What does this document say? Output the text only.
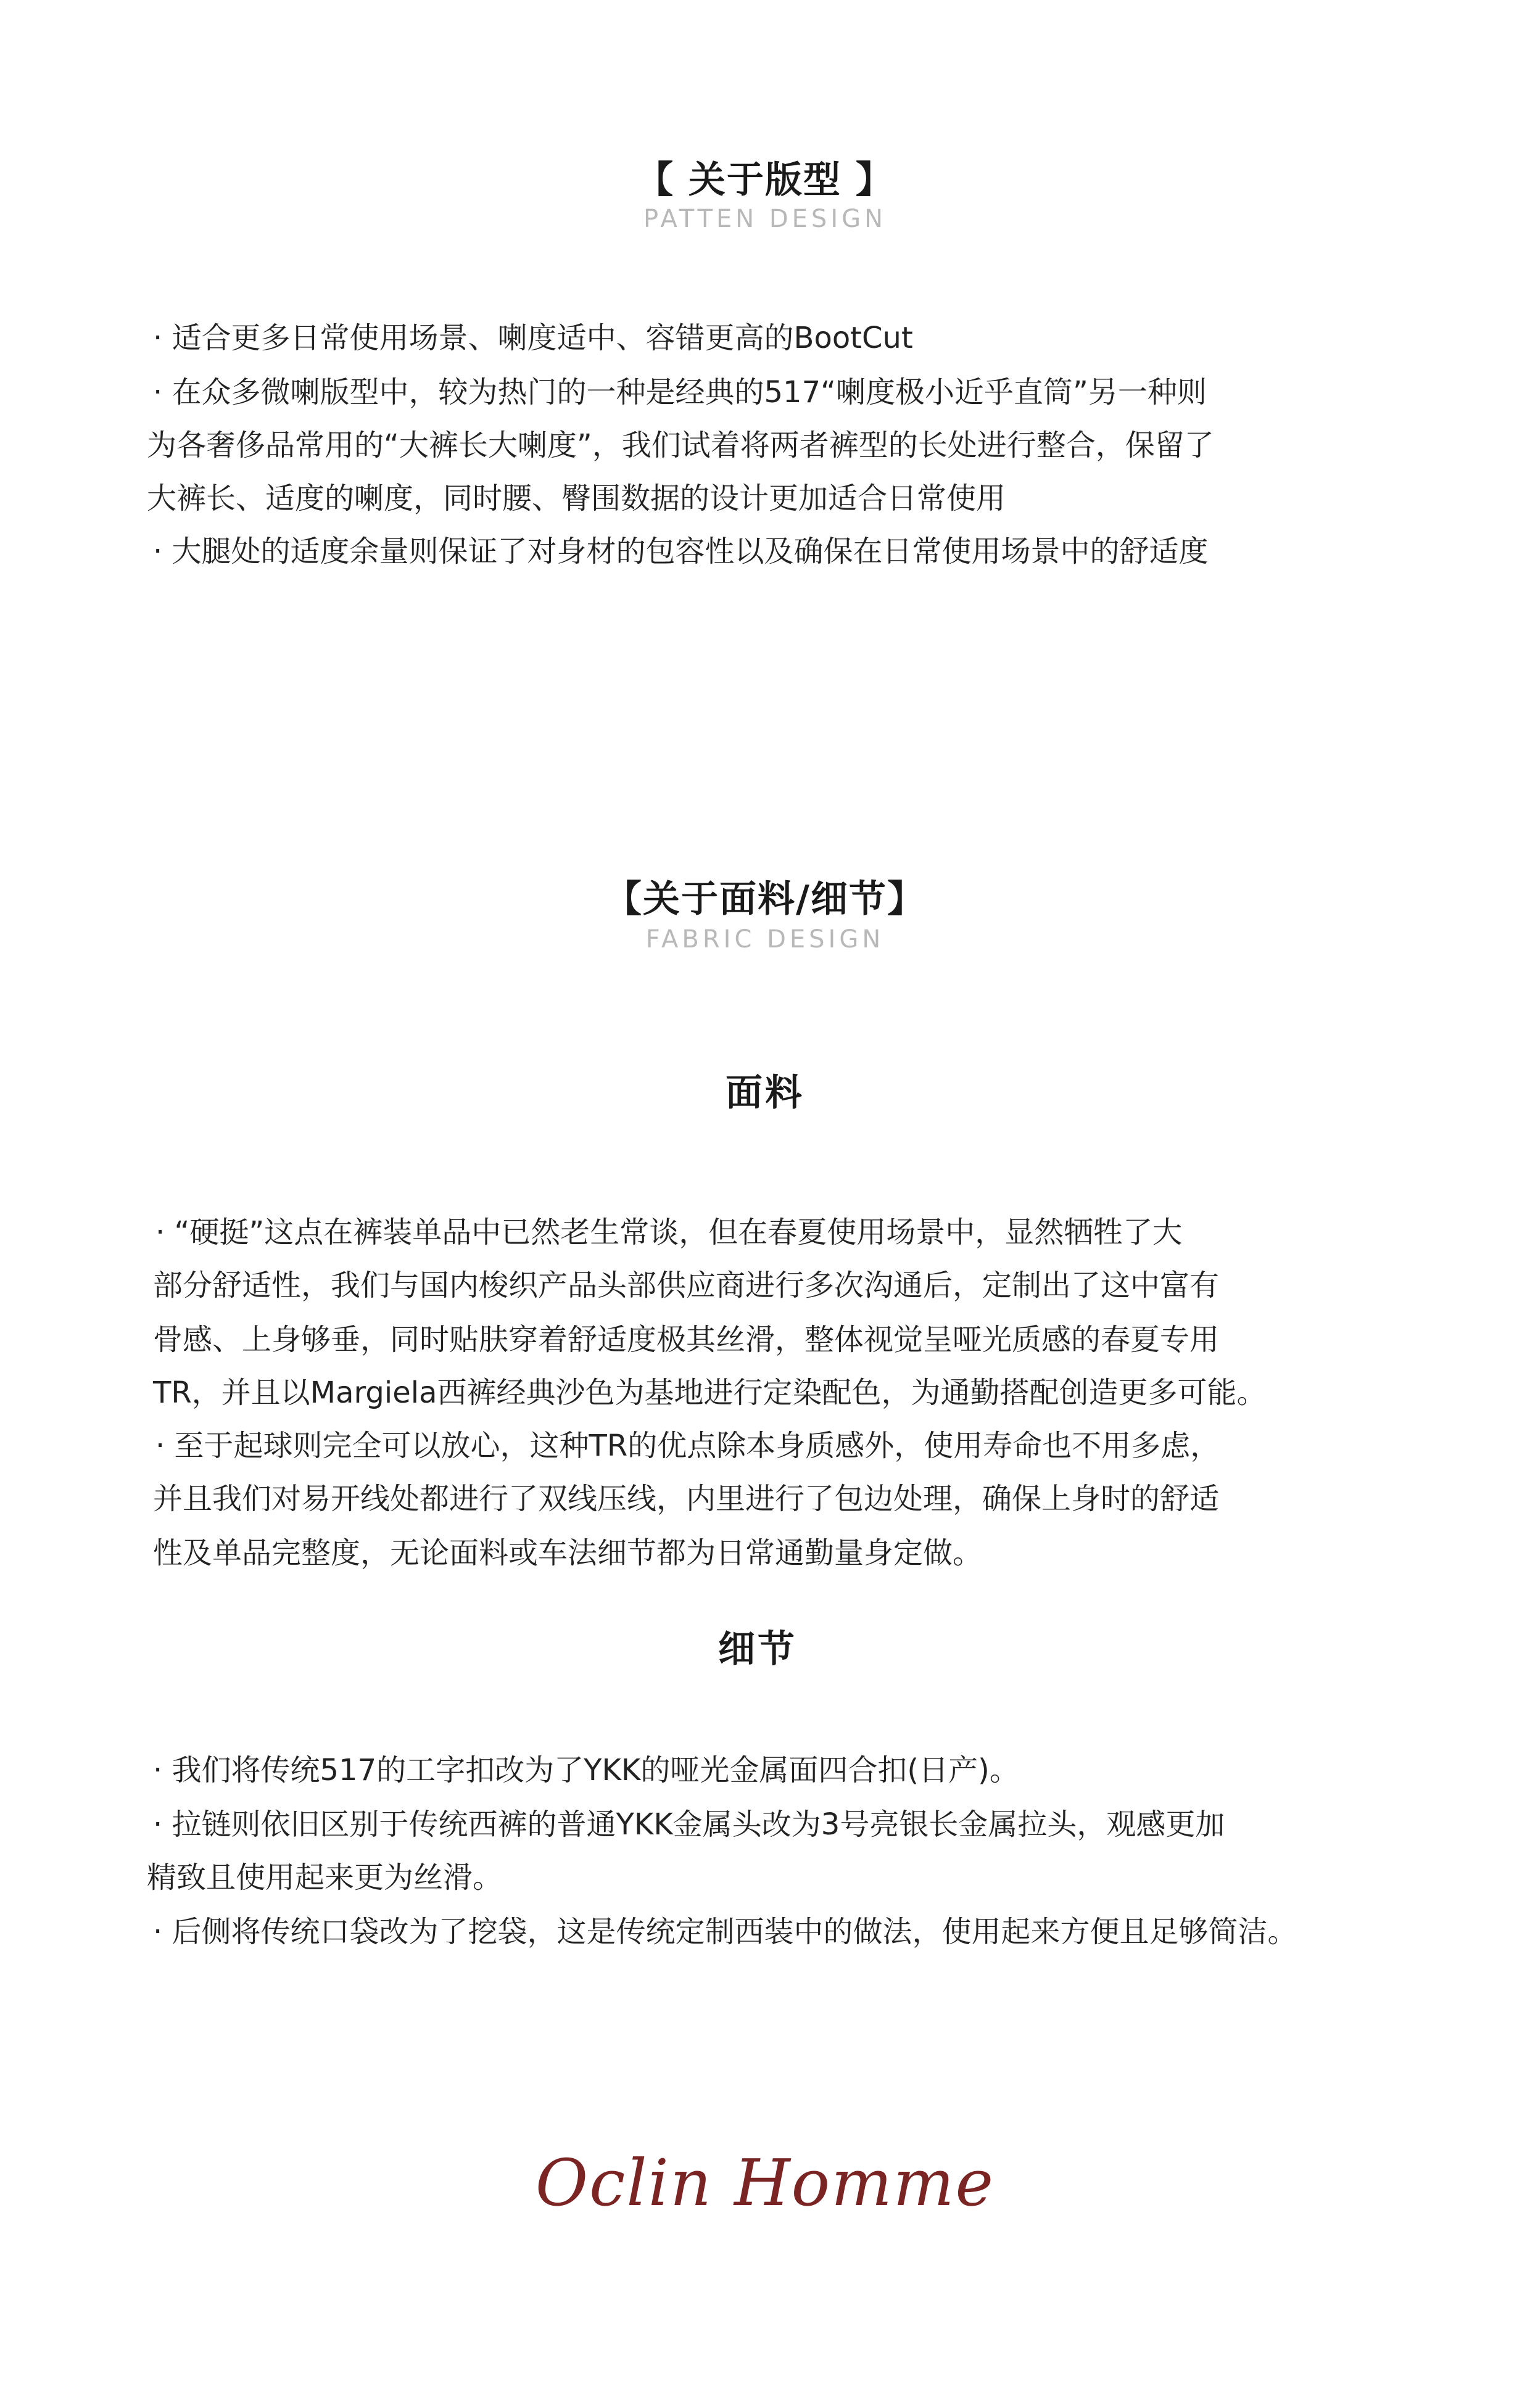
【 关于版型 】
PATTEN DESIGN
· 适合更多日常使用场景、喇度适中、容错更高的BootCut
· 在众多微喇版型中，较为热门的一种是经典的517“喇度极小近乎直筒”另一种则
为各奢侈品常用的“大裤长大喇度”，我们试着将两者裤型的长处进行整合，保留了
大裤长、适度的喇度，同时腰、臀围数据的设计更加适合日常使用
· 大腿处的适度余量则保证了对身材的包容性以及确保在日常使用场景中的舒适度
【关于面料/细节】
FABRIC DESIGN
面料
· “硬挺”这点在裤装单品中已然老生常谈，但在春夏使用场景中，显然牺牲了大
部分舒适性，我们与国内梭织产品头部供应商进行多次沟通后，定制出了这中富有
骨感、上身够垂，同时贴肤穿着舒适度极其丝滑，整体视觉呈哑光质感的春夏专用
TR，并且以Margiela西裤经典沙色为基地进行定染配色，为通勤搭配创造更多可能。
· 至于起球则完全可以放心，这种TR的优点除本身质感外，使用寿命也不用多虑，
并且我们对易开线处都进行了双线压线，内里进行了包边处理，确保上身时的舒适
性及单品完整度，无论面料或车法细节都为日常通勤量身定做。
细节
· 我们将传统517的工字扣改为了YKK的哑光金属面四合扣(日产)。
· 拉链则依旧区别于传统西裤的普通YKK金属头改为3号亮银长金属拉头，观感更加
精致且使用起来更为丝滑。
· 后侧将传统口袋改为了挖袋，这是传统定制西装中的做法，使用起来方便且足够简洁。
Oclin Homme
